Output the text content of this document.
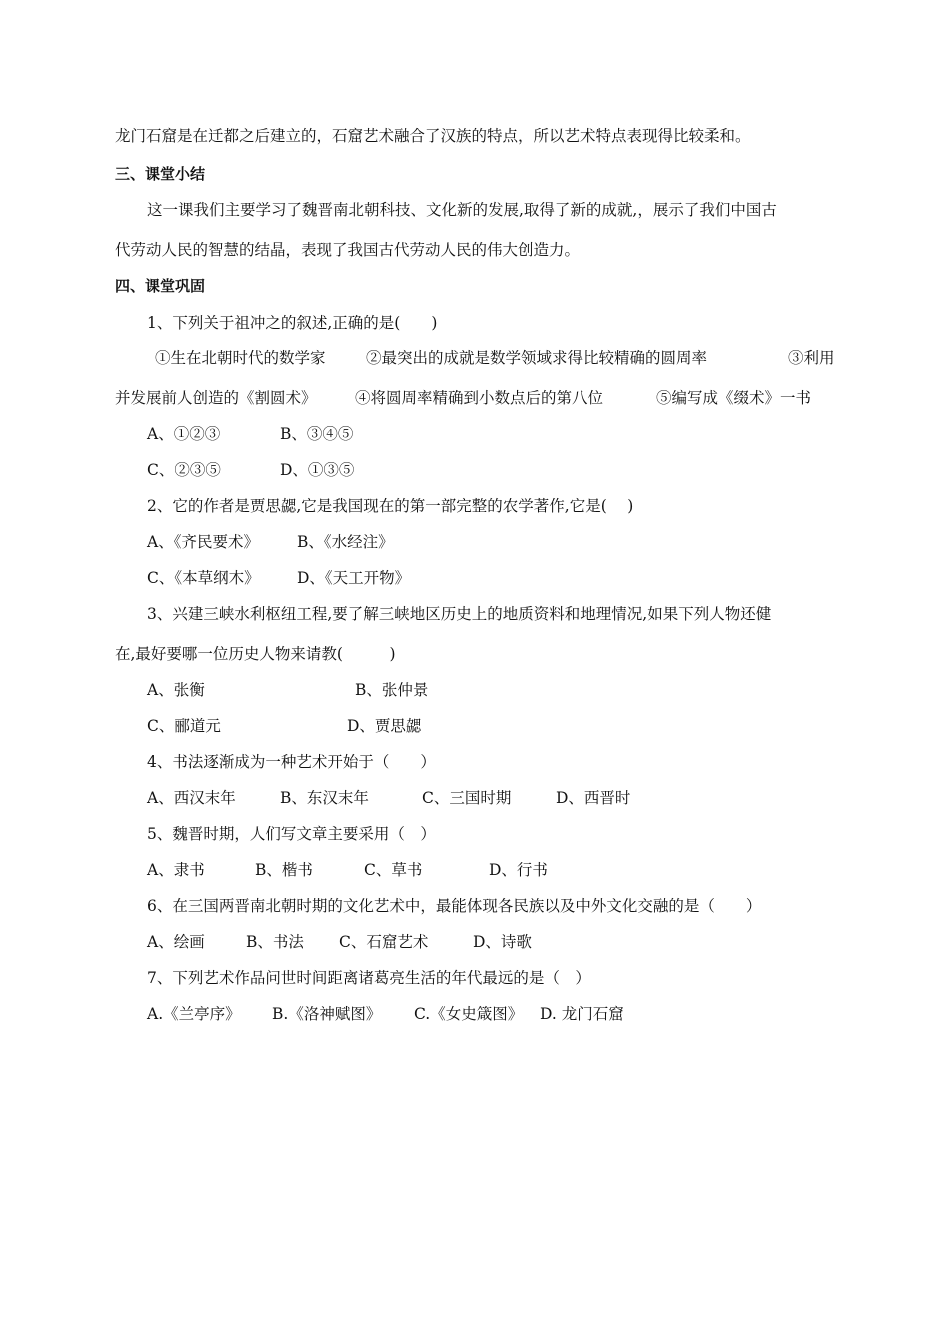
龙门石窟是在迁都之后建立的，石窟艺术融合了汉族的特点，所以艺术特点表现得比较柔和。
三、课堂小结
这一课我们主要学习了魏晋南北朝科技、文化新的发展,取得了新的成就,，展示了我们中国古
代劳动人民的智慧的结晶，表现了我国古代劳动人民的伟大创造力。
四、课堂巩固
1、下列关于祖冲之的叙述,正确的是(　　)
①生在北朝时代的数学家	②最突出的成就是数学领域求得比较精确的圆周率	③利用
并发展前人创造的《割圆术》 ④将圆周率精确到小数点后的第八位	⑤编写成《缀术》一书
A、①②③	B、③④⑤
C、②③⑤	D、①③⑤
2、它的作者是贾思勰,它是我国现在的第一部完整的农学著作,它是(　 )
A、《齐民要术》 B、《水经注》
C、《本草纲木》 D、《天工开物》
3、兴建三峡水利枢纽工程,要了解三峡地区历史上的地质资料和地理情况,如果下列人物还健
在,最好要哪一位历史人物来请教(　　　)
A、张衡	B、张仲景
C、郦道元	D、贾思勰
4、书法逐渐成为一种艺术开始于（　　）
A、西汉末年	B、东汉末年	C、三国时期	D、西晋时
5、魏晋时期，人们写文章主要采用（　）
A、隶书	B、楷书	C、草书	D、行书
6、在三国两晋南北朝时期的文化艺术中，最能体现各民族以及中外文化交融的是（　　）
A、绘画	B、书法 C、石窟艺术	D、诗歌
7、下列艺术作品问世时间距离诸葛亮生活的年代最远的是（　）
A.《兰亭序》 B.《洛神赋图》 C.《女史箴图》 D. 龙门石窟
